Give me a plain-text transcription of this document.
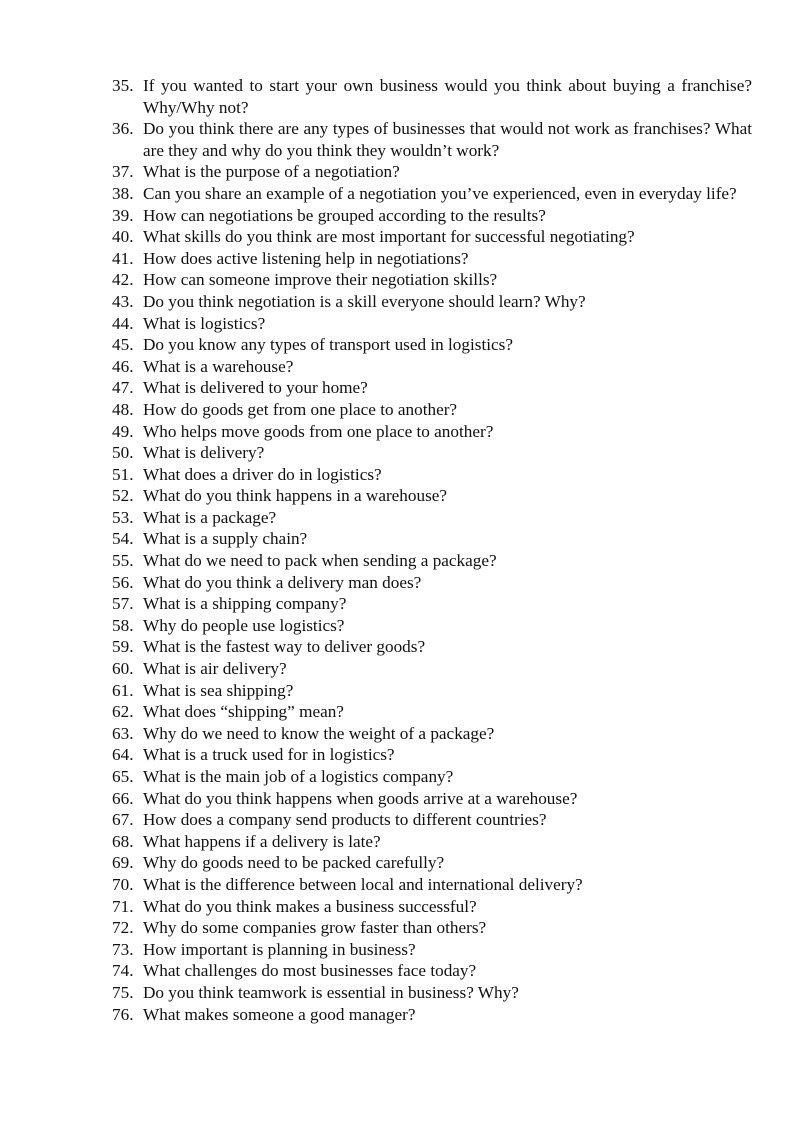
35. If you wanted to start your own business would you think about buying a franchise? Why/Why not?
36. Do you think there are any types of businesses that would not work as franchises? What are they and why do you think they wouldn’t work?
37. What is the purpose of a negotiation?
38. Can you share an example of a negotiation you’ve experienced, even in everyday life?
39. How can negotiations be grouped according to the results?
40. What skills do you think are most important for successful negotiating?
41. How does active listening help in negotiations?
42. How can someone improve their negotiation skills?
43. Do you think negotiation is a skill everyone should learn? Why?
44. What is logistics?
45. Do you know any types of transport used in logistics?
46. What is a warehouse?
47. What is delivered to your home?
48. How do goods get from one place to another?
49. Who helps move goods from one place to another?
50. What is delivery?
51. What does a driver do in logistics?
52. What do you think happens in a warehouse?
53. What is a package?
54. What is a supply chain?
55. What do we need to pack when sending a package?
56. What do you think a delivery man does?
57. What is a shipping company?
58. Why do people use logistics?
59. What is the fastest way to deliver goods?
60. What is air delivery?
61. What is sea shipping?
62. What does “shipping” mean?
63. Why do we need to know the weight of a package?
64. What is a truck used for in logistics?
65. What is the main job of a logistics company?
66. What do you think happens when goods arrive at a warehouse?
67. How does a company send products to different countries?
68. What happens if a delivery is late?
69. Why do goods need to be packed carefully?
70. What is the difference between local and international delivery?
71. What do you think makes a business successful?
72. Why do some companies grow faster than others?
73. How important is planning in business?
74. What challenges do most businesses face today?
75. Do you think teamwork is essential in business? Why?
76. What makes someone a good manager?
